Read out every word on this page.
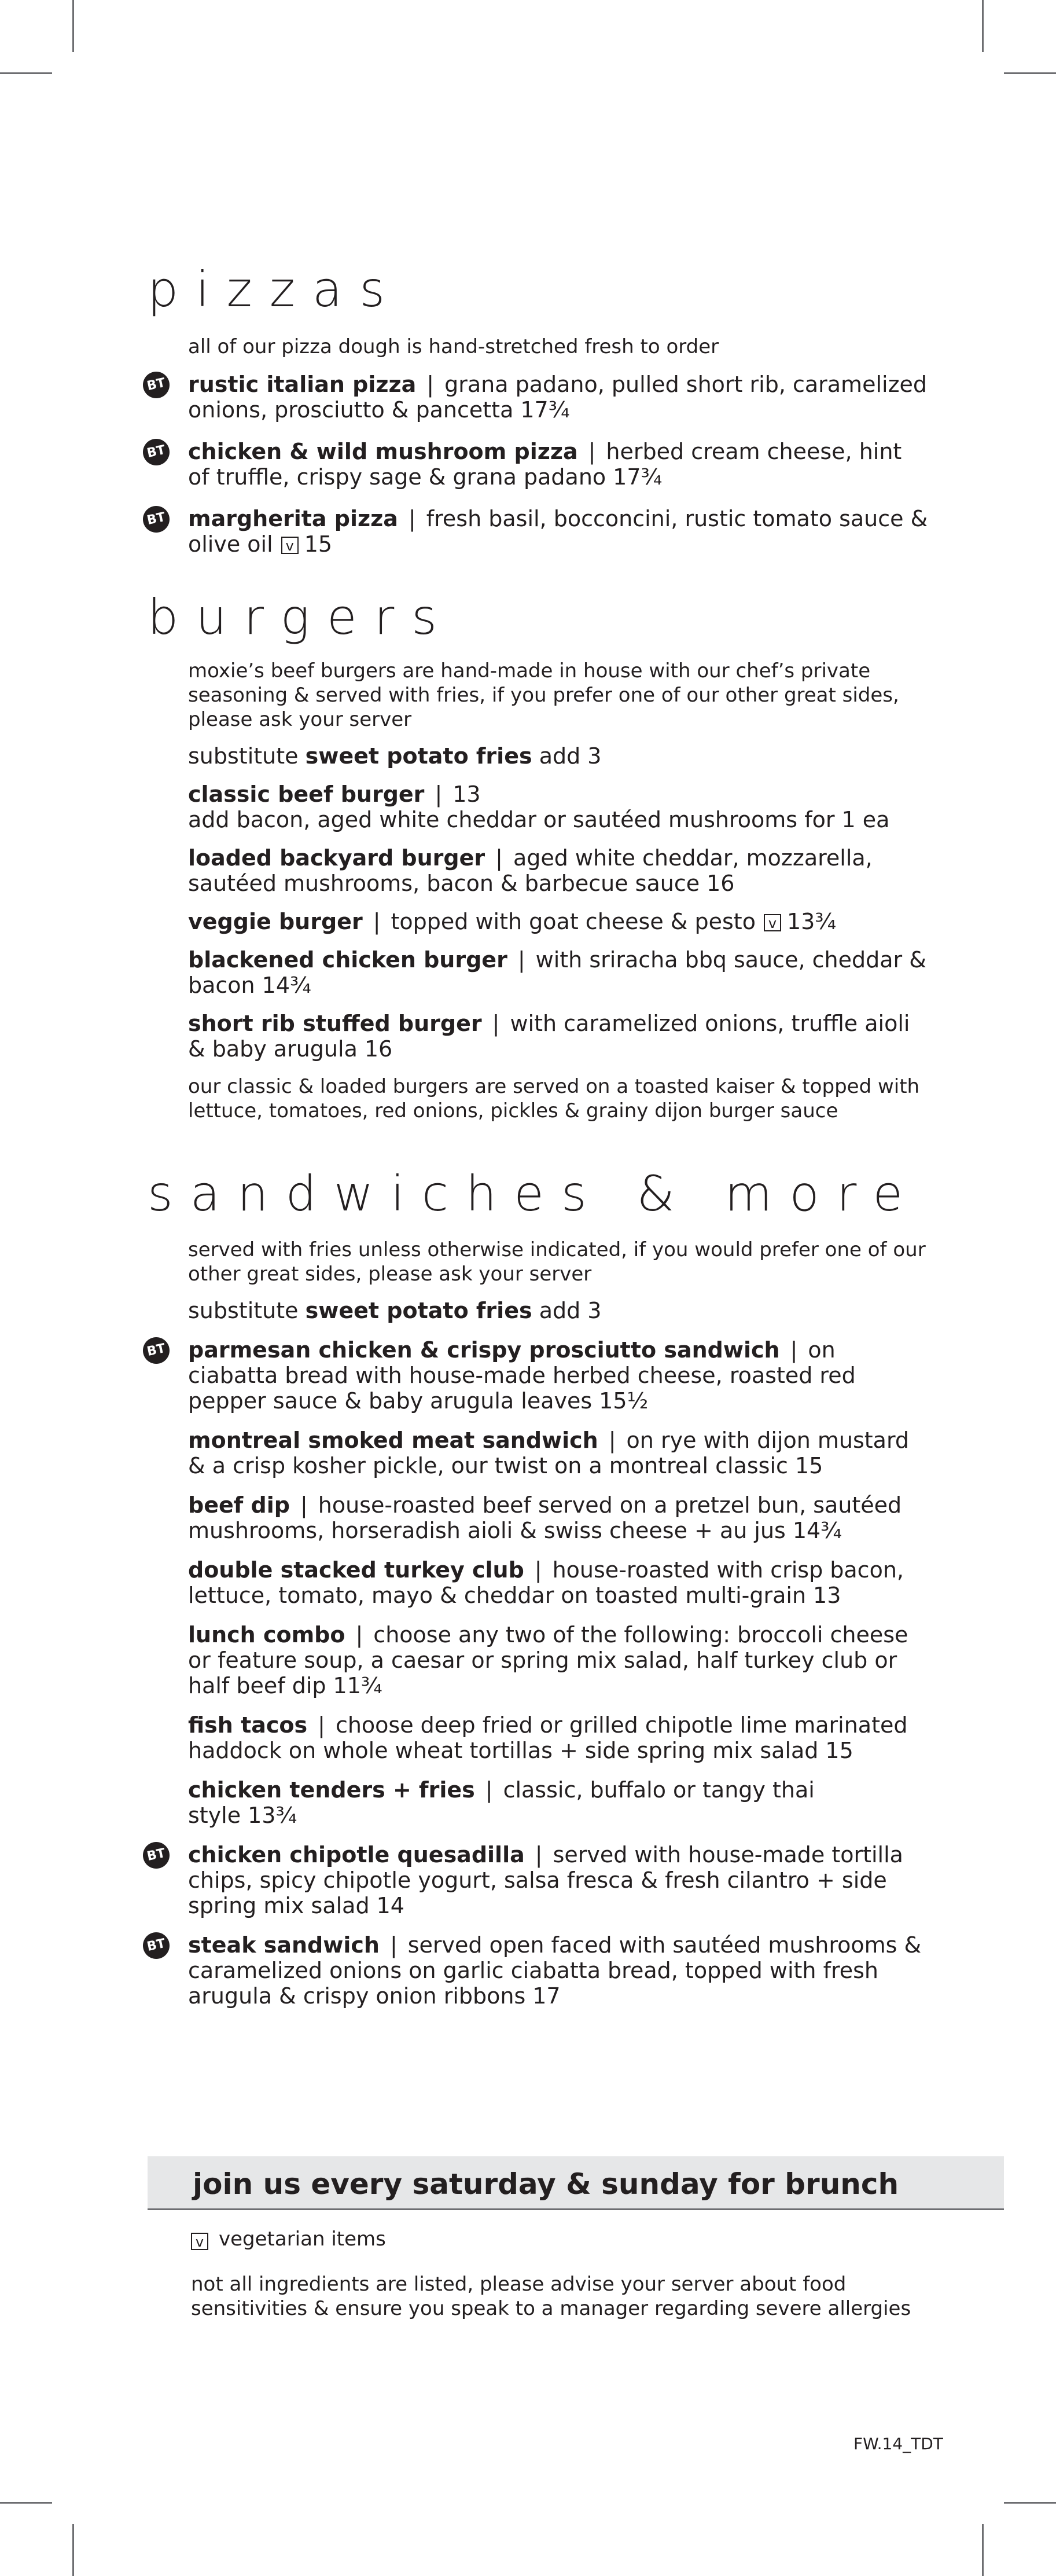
pizzas

all of our pizza dough is hand-stretched fresh to order

BT rustic italian pizza | grana padano, pulled short rib, caramelized onions, prosciutto & pancetta 17¾

BT chicken & wild mushroom pizza | herbed cream cheese, hint of truffle, crispy sage & grana padano 17¾

BT margherita pizza | fresh basil, bocconcini, rustic tomato sauce & olive oil v 15

burgers

moxie’s beef burgers are hand-made in house with our chef’s private seasoning & served with fries, if you prefer one of our other great sides, please ask your server

substitute sweet potato fries add 3

classic beef burger | 13
add bacon, aged white cheddar or sautéed mushrooms for 1 ea

loaded backyard burger | aged white cheddar, mozzarella, sautéed mushrooms, bacon & barbecue sauce 16

veggie burger | topped with goat cheese & pesto v 13¾

blackened chicken burger | with sriracha bbq sauce, cheddar & bacon 14¾

short rib stuffed burger | with caramelized onions, truffle aioli & baby arugula 16

our classic & loaded burgers are served on a toasted kaiser & topped with lettuce, tomatoes, red onions, pickles & grainy dijon burger sauce

sandwiches & more

served with fries unless otherwise indicated, if you would prefer one of our other great sides, please ask your server

substitute sweet potato fries add 3

BT parmesan chicken & crispy prosciutto sandwich | on ciabatta bread with house-made herbed cheese, roasted red pepper sauce & baby arugula leaves 15½

montreal smoked meat sandwich | on rye with dijon mustard & a crisp kosher pickle, our twist on a montreal classic 15

beef dip | house-roasted beef served on a pretzel bun, sautéed mushrooms, horseradish aioli & swiss cheese + au jus 14¾

double stacked turkey club | house-roasted with crisp bacon, lettuce, tomato, mayo & cheddar on toasted multi-grain 13

lunch combo | choose any two of the following: broccoli cheese or feature soup, a caesar or spring mix salad, half turkey club or half beef dip 11¾

fish tacos | choose deep fried or grilled chipotle lime marinated haddock on whole wheat tortillas + side spring mix salad 15

chicken tenders + fries | classic, buffalo or tangy thai style 13¾

BT chicken chipotle quesadilla | served with house-made tortilla chips, spicy chipotle yogurt, salsa fresca & fresh cilantro + side spring mix salad 14

BT steak sandwich | served open faced with sautéed mushrooms & caramelized onions on garlic ciabatta bread, topped with fresh arugula & crispy onion ribbons 17

join us every saturday & sunday for brunch
v vegetarian items
not all ingredients are listed, please advise your server about food sensitivities & ensure you speak to a manager regarding severe allergies
FW.14_TDT
